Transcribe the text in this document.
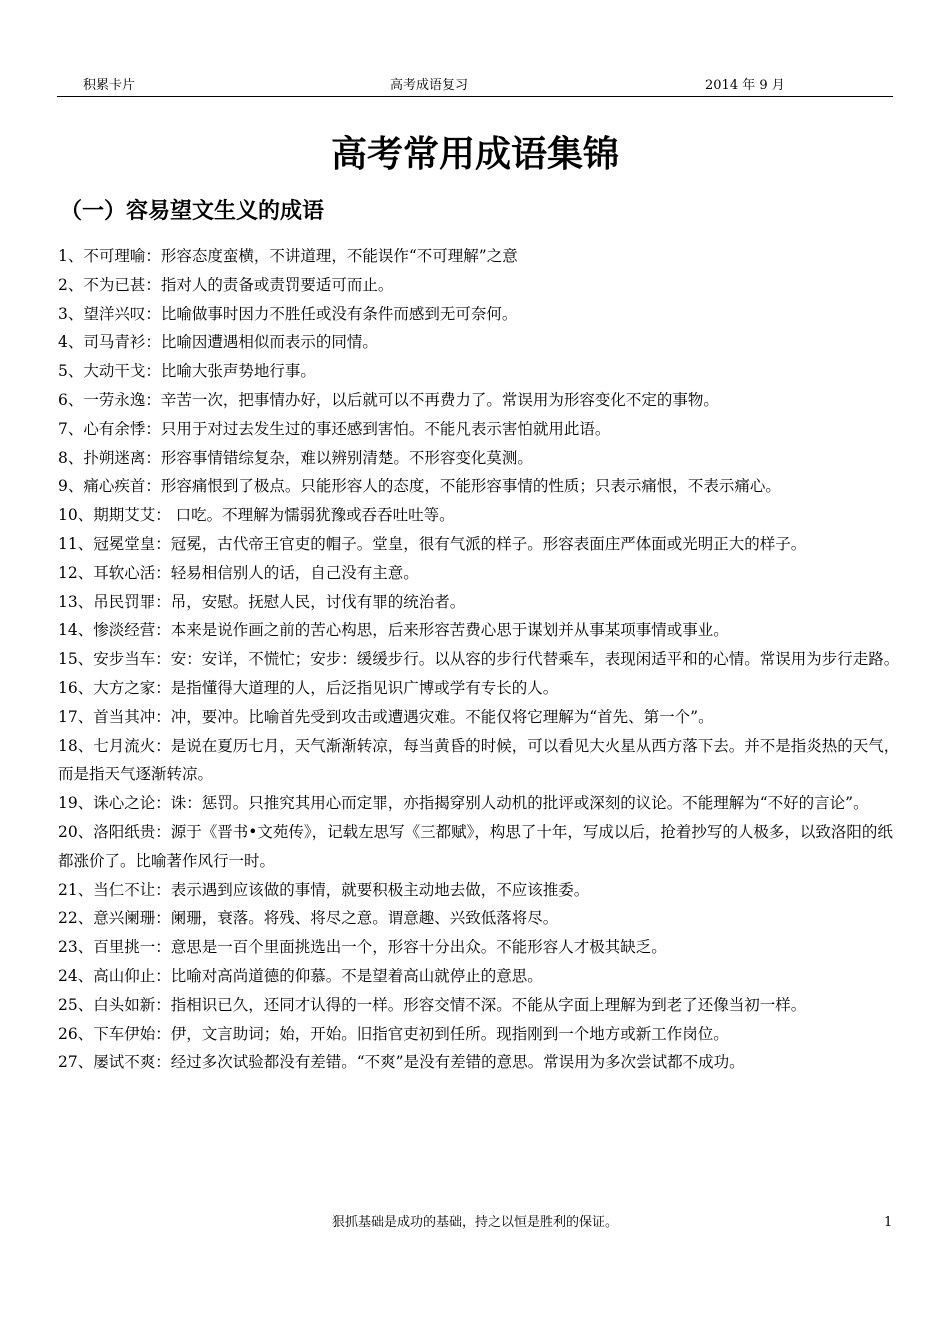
积累卡片	高考成语复习	2014 年 9 月
高考常用成语集锦
（一）容易望文生义的成语
1、不可理喻：形容态度蛮横，不讲道理，不能误作“不可理解”之意
2、不为已甚：指对人的责备或责罚要适可而止。
3、望洋兴叹：比喻做事时因力不胜任或没有条件而感到无可奈何。
4、司马青衫：比喻因遭遇相似而表示的同情。
5、大动干戈：比喻大张声势地行事。
6、一劳永逸：辛苦一次，把事情办好，以后就可以不再费力了。常误用为形容变化不定的事物。
7、心有余悸：只用于对过去发生过的事还感到害怕。不能凡表示害怕就用此语。
8、扑朔迷离：形容事情错综复杂，难以辨别清楚。不形容变化莫测。
9、痛心疾首：形容痛恨到了极点。只能形容人的态度，不能形容事情的性质；只表示痛恨，不表示痛心。
10、期期艾艾： 口吃。不理解为懦弱犹豫或吞吞吐吐等。
11、冠冕堂皇：冠冕，古代帝王官吏的帽子。堂皇，很有气派的样子。形容表面庄严体面或光明正大的样子。
12、耳软心活：轻易相信别人的话，自己没有主意。
13、吊民罚罪：吊，安慰。抚慰人民，讨伐有罪的统治者。
14、惨淡经营：本来是说作画之前的苦心构思，后来形容苦费心思于谋划并从事某项事情或事业。
15、安步当车：安：安详，不慌忙；安步：缓缓步行。以从容的步行代替乘车，表现闲适平和的心情。常误用为步行走路。
16、大方之家：是指懂得大道理的人，后泛指见识广博或学有专长的人。
17、首当其冲：冲，要冲。比喻首先受到攻击或遭遇灾难。不能仅将它理解为“首先、第一个”。
18、七月流火：是说在夏历七月，天气渐渐转凉，每当黄昏的时候，可以看见大火星从西方落下去。并不是指炎热的天气，而是指天气逐渐转凉。
19、诛心之论：诛：惩罚。只推究其用心而定罪，亦指揭穿别人动机的批评或深刻的议论。不能理解为“不好的言论”。
20、洛阳纸贵：源于《晋书•文苑传》，记载左思写《三都赋》，构思了十年，写成以后，抢着抄写的人极多，以致洛阳的纸都涨价了。比喻著作风行一时。
21、当仁不让：表示遇到应该做的事情，就要积极主动地去做，不应该推委。
22、意兴阑珊：阑珊，衰落。将残、将尽之意。谓意趣、兴致低落将尽。
23、百里挑一：意思是一百个里面挑选出一个，形容十分出众。不能形容人才极其缺乏。
24、高山仰止：比喻对高尚道德的仰慕。不是望着高山就停止的意思。
25、白头如新：指相识已久，还同才认得的一样。形容交情不深。不能从字面上理解为到老了还像当初一样。
26、下车伊始：伊，文言助词；始，开始。旧指官吏初到任所。现指刚到一个地方或新工作岗位。
27、屡试不爽：经过多次试验都没有差错。“不爽”是没有差错的意思。常误用为多次尝试都不成功。
狠抓基础是成功的基础，持之以恒是胜利的保证。	1
